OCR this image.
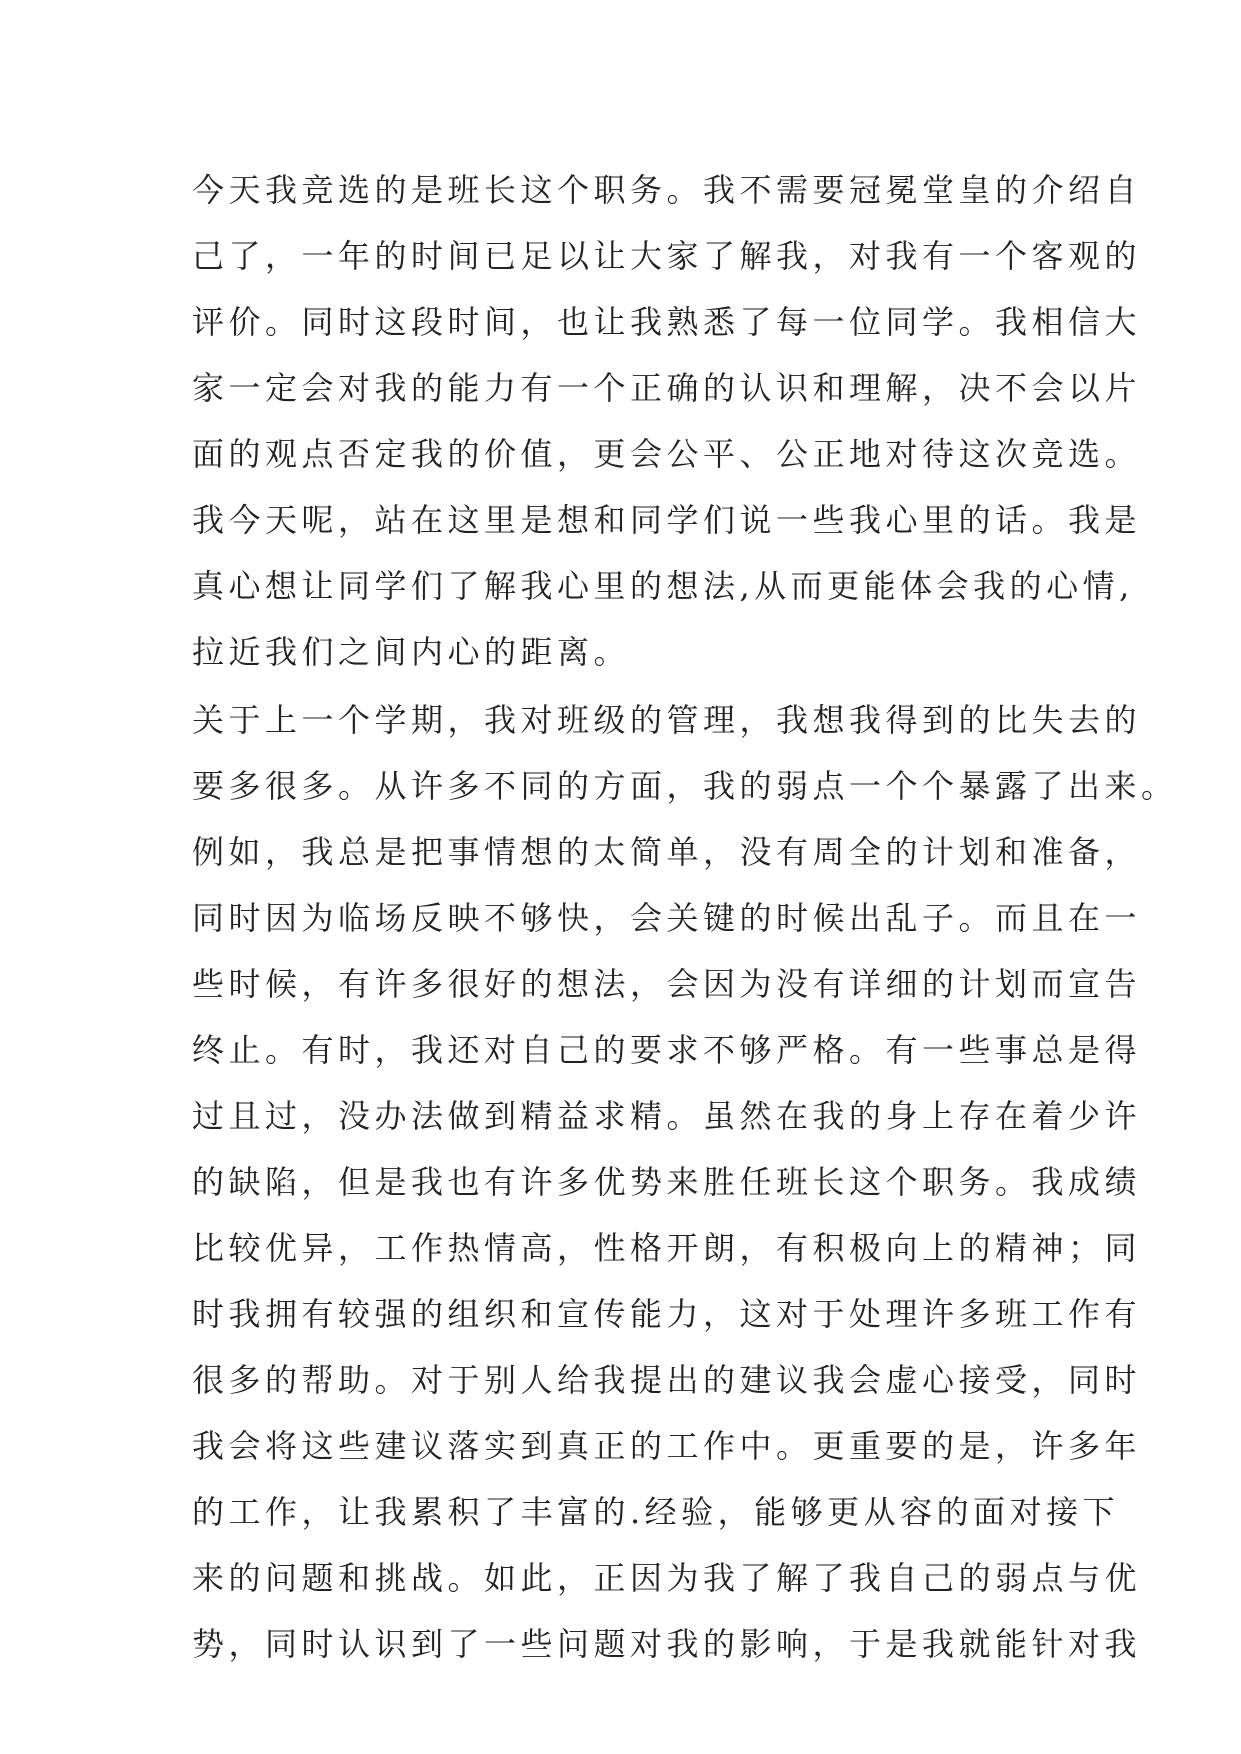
今天我竞选的是班长这个职务。我不需要冠冕堂皇的介绍自
己了，一年的时间已足以让大家了解我，对我有一个客观的
评价。同时这段时间，也让我熟悉了每一位同学。我相信大
家一定会对我的能力有一个正确的认识和理解，决不会以片
面的观点否定我的价值，更会公平、公正地对待这次竞选。
我今天呢，站在这里是想和同学们说一些我心里的话。我是
真心想让同学们了解我心里的想法,从而更能体会我的心情,
拉近我们之间内心的距离。
关于上一个学期，我对班级的管理，我想我得到的比失去的
要多很多。从许多不同的方面，我的弱点一个个暴露了出来。
例如，我总是把事情想的太简单，没有周全的计划和准备，
同时因为临场反映不够快，会关键的时候出乱子。而且在一
些时候，有许多很好的想法，会因为没有详细的计划而宣告
终止。有时，我还对自己的要求不够严格。有一些事总是得
过且过，没办法做到精益求精。虽然在我的身上存在着少许
的缺陷，但是我也有许多优势来胜任班长这个职务。我成绩
比较优异，工作热情高，性格开朗，有积极向上的精神；同
时我拥有较强的组织和宣传能力，这对于处理许多班工作有
很多的帮助。对于别人给我提出的建议我会虚心接受，同时
我会将这些建议落实到真正的工作中。更重要的是，许多年
的工作，让我累积了丰富的.经验，能够更从容的面对接下
来的问题和挑战。如此，正因为我了解了我自己的弱点与优
势，同时认识到了一些问题对我的影响，于是我就能针对我
